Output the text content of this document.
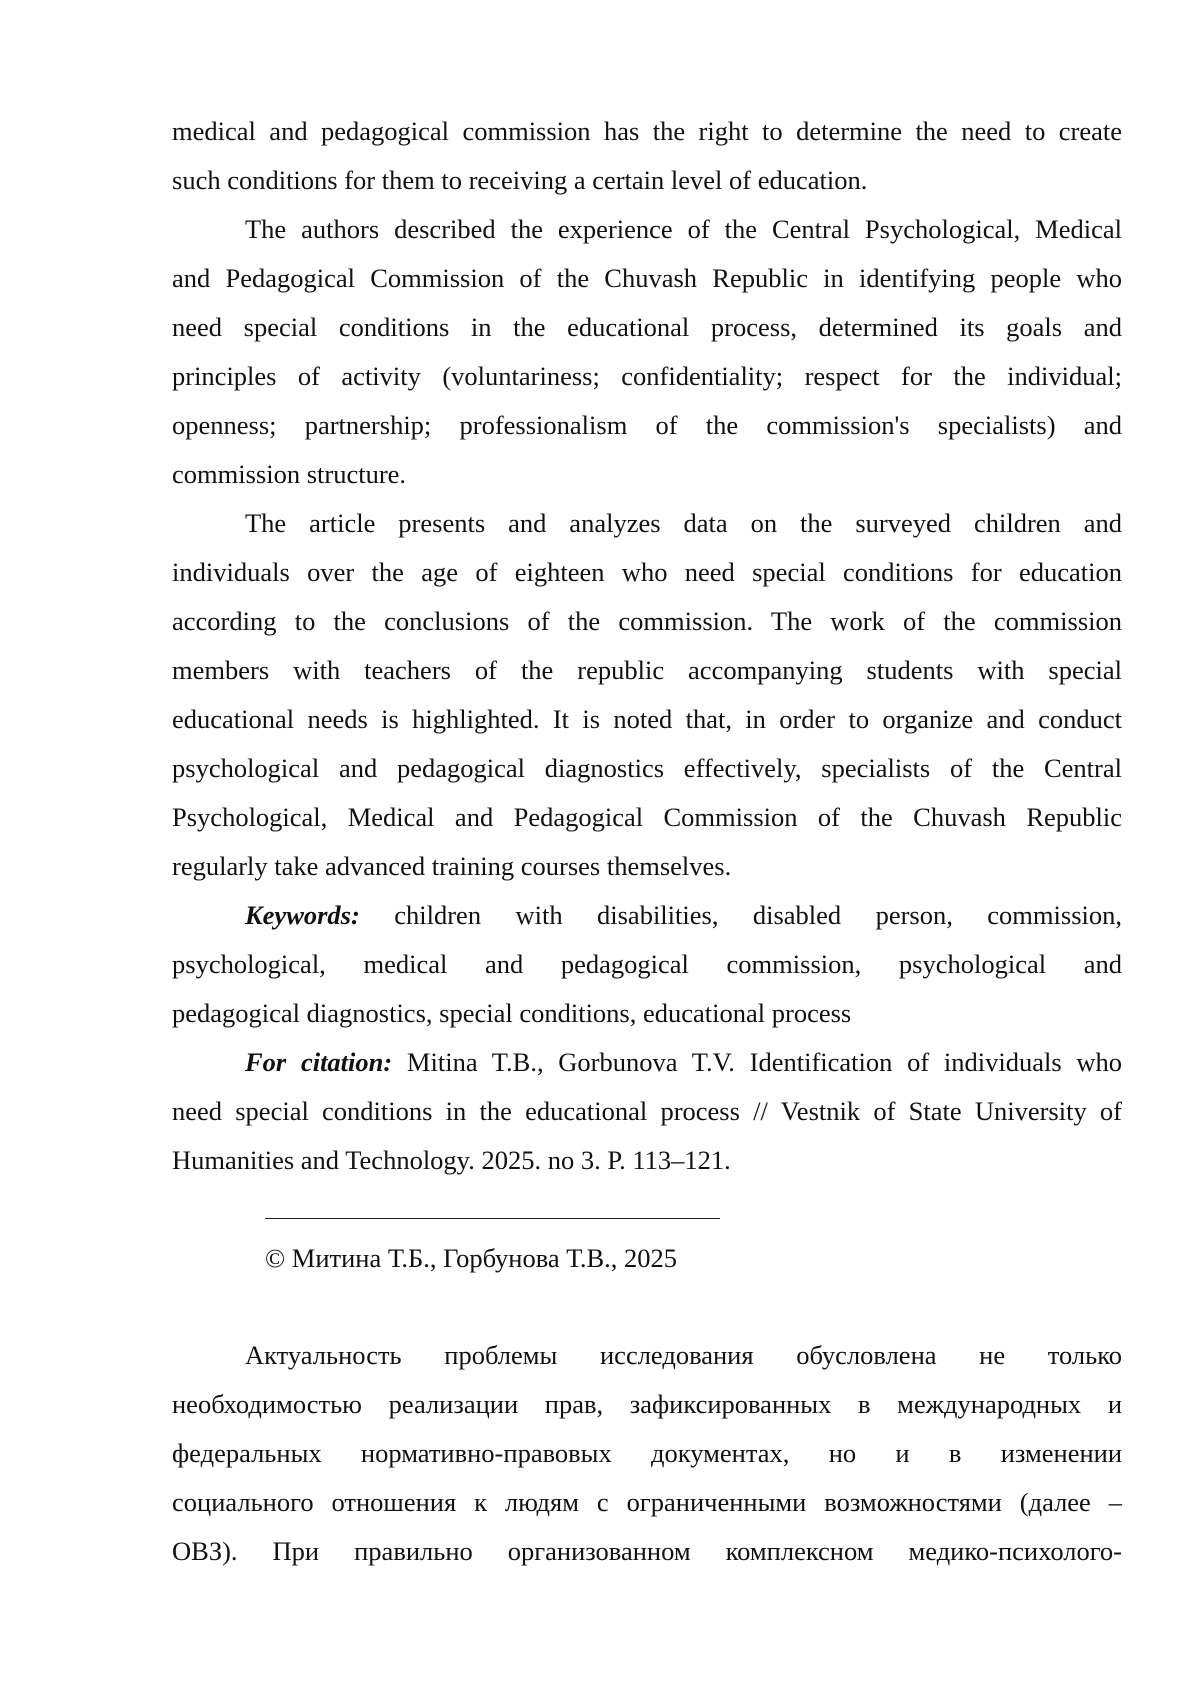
medical and pedagogical commission has the right to determine the need to create
such conditions for them to receiving a certain level of education.
The authors described the experience of the Central Psychological, Medical
and Pedagogical Commission of the Chuvash Republic in identifying people who
need special conditions in the educational process, determined its goals and
principles of activity (voluntariness; confidentiality; respect for the individual;
openness; partnership; professionalism of the commission's specialists) and
commission structure.
The article presents and analyzes data on the surveyed children and
individuals over the age of eighteen who need special conditions for education
according to the conclusions of the commission. The work of the commission
members with teachers of the republic accompanying students with special
educational needs is highlighted. It is noted that, in order to organize and conduct
psychological and pedagogical diagnostics effectively, specialists of the Central
Psychological, Medical and Pedagogical Commission of the Chuvash Republic
regularly take advanced training courses themselves.
Keywords: children with disabilities, disabled person, commission,
psychological, medical and pedagogical commission, psychological and
pedagogical diagnostics, special conditions, educational process
For citation: Mitina T.B., Gorbunova T.V. Identification of individuals who
need special conditions in the educational process // Vestnik of State University of
Humanities and Technology. 2025. no 3. P. 113–121.
© Митина Т.Б., Горбунова Т.В., 2025
Актуальность проблемы исследования обусловлена не только
необходимостью реализации прав, зафиксированных в международных и
федеральных нормативно-правовых документах, но и в изменении
социального отношения к людям с ограниченными возможностями (далее –
ОВЗ). При правильно организованном комплексном медико-психолого-
